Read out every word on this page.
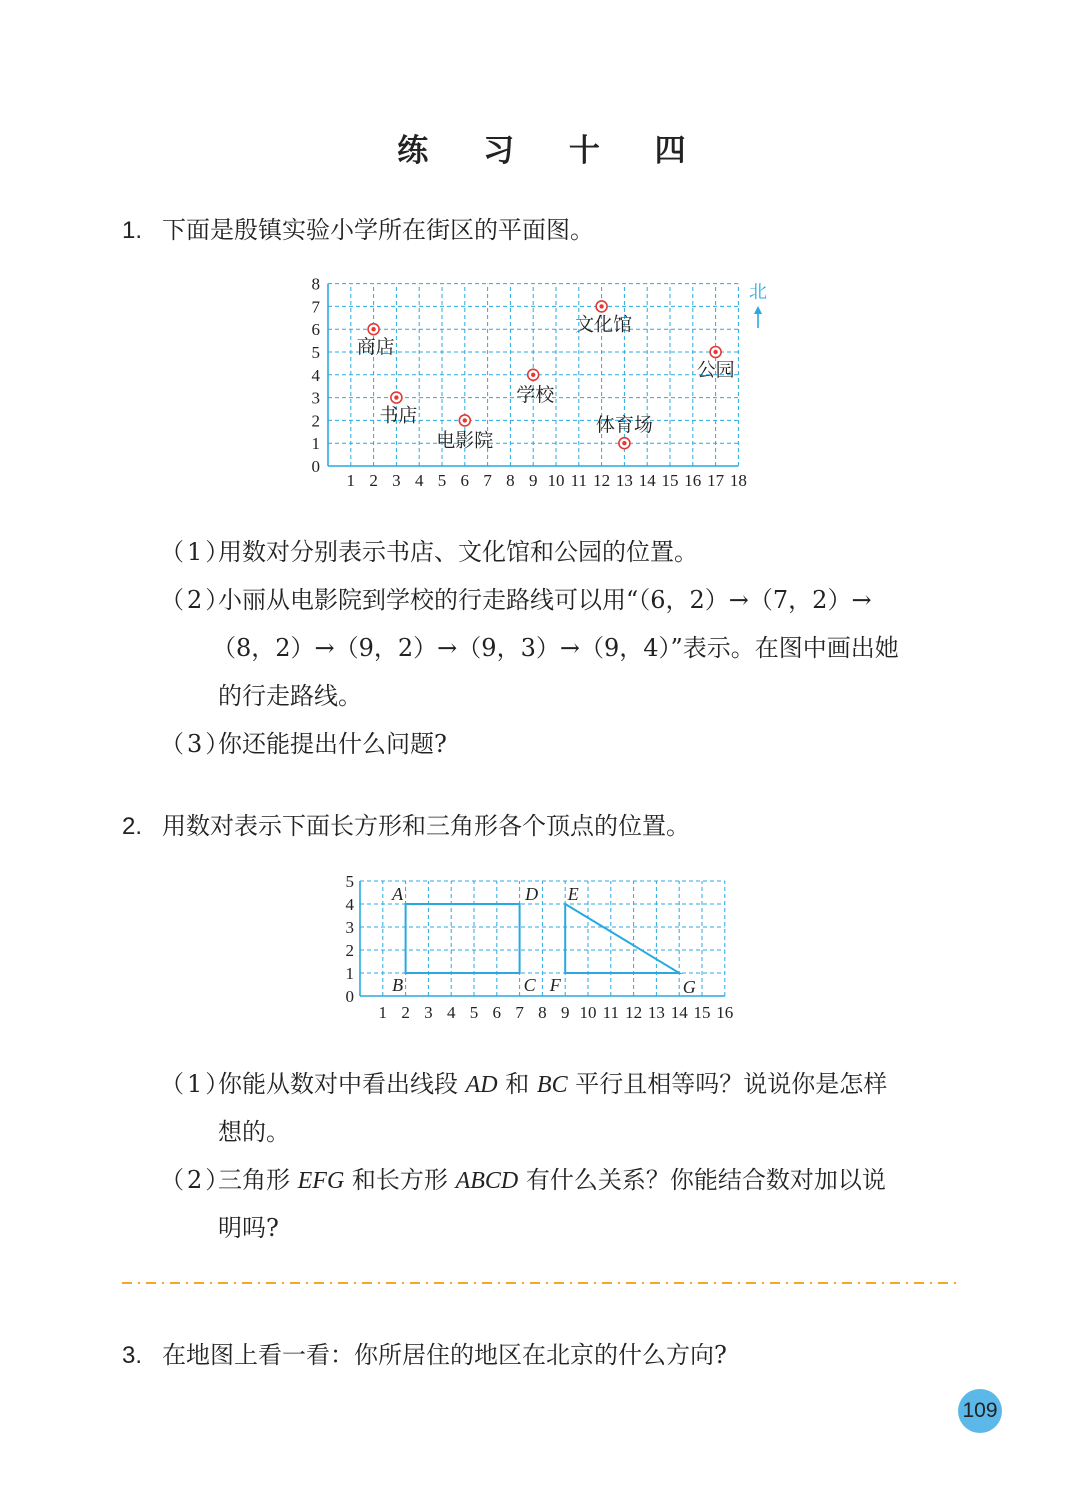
练 习 十 四
1. 下面是殷镇实验小学所在街区的平面图。
1 2 3 4 5 6 7 8 9 10 11 12 13 14 15 16 17 18
0
1
2
3
4
5
6
7
8
商店
书店
电影院
学校
文化馆
公园
体育场
北
（1）用数对分别表示书店、文化馆和公园的位置。
（2）小丽从电影院到学校的行走路线可以用“（6，2）→（7，2）→
（8，2）→（9，2）→（9，3）→（9，4）”表示。在图中画出她
的行走路线。
（3）你还能提出什么问题?
2. 用数对表示下面长方形和三角形各个顶点的位置。
1 2 3 4 5 6 7 8 9 10 11 12 13 14 15 16
0
1
2
3
4
5
A
B	C
D E
F	G
（1）你能从数对中看出线段 AD 和 BC 平行且相等吗？说说你是怎样
想的。
（2）三角形 EFG 和长方形 ABCD 有什么关系？你能结合数对加以说
明吗?
3. 在地图上看一看：你所居住的地区在北京的什么方向?
109
